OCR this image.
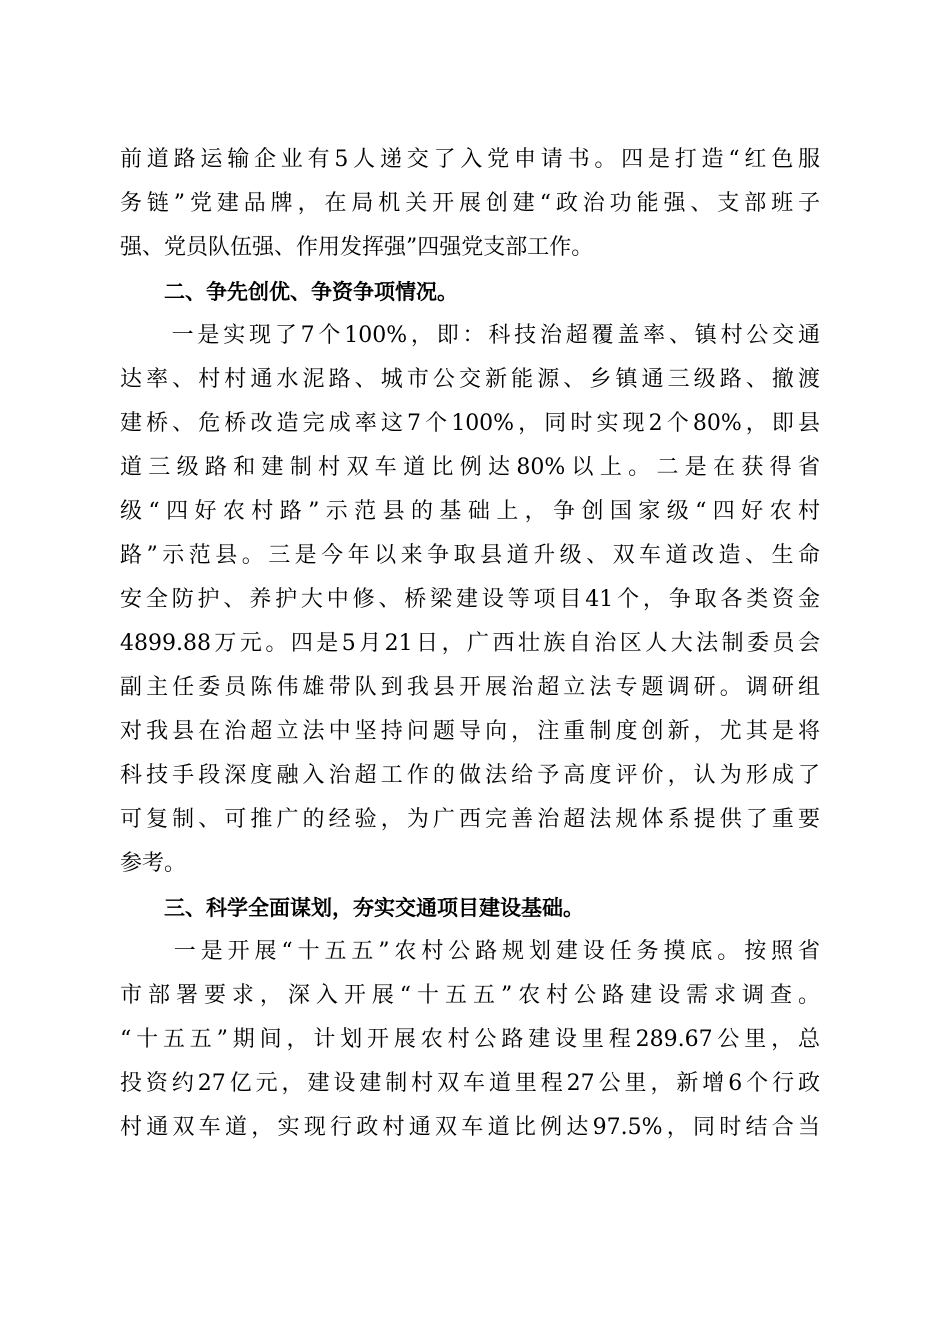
前道路运输企业有5人递交了入党申请书。四是打造“红色服
务链”党建品牌，在局机关开展创建“政治功能强、支部班子
强、党员队伍强、作用发挥强”四强党支部工作。
二、争先创优、争资争项情况。
　　一是实现了7个100%，即：科技治超覆盖率、镇村公交通
达率、村村通水泥路、城市公交新能源、乡镇通三级路、撤渡
建桥、危桥改造完成率这7个100%，同时实现2个80%，即县
道三级路和建制村双车道比例达80%以上。二是在获得省
级“四好农村路”示范县的基础上，争创国家级“四好农村
路”示范县。三是今年以来争取县道升级、双车道改造、生命
安全防护、养护大中修、桥梁建设等项目41个，争取各类资金
4899.88万元。四是5月21日，广西壮族自治区人大法制委员会
副主任委员陈伟雄带队到我县开展治超立法专题调研。调研组
对我县在治超立法中坚持问题导向，注重制度创新，尤其是将
科技手段深度融入治超工作的做法给予高度评价，认为形成了
可复制、可推广的经验，为广西完善治超法规体系提供了重要
参考。
三、科学全面谋划，夯实交通项目建设基础。
　　一是开展“十五五”农村公路规划建设任务摸底。按照省
市部署要求，深入开展“十五五”农村公路建设需求调查。
“十五五”期间，计划开展农村公路建设里程289.67公里，总
投资约27亿元，建设建制村双车道里程27公里，新增6个行政
村通双车道，实现行政村通双车道比例达97.5%，同时结合当
